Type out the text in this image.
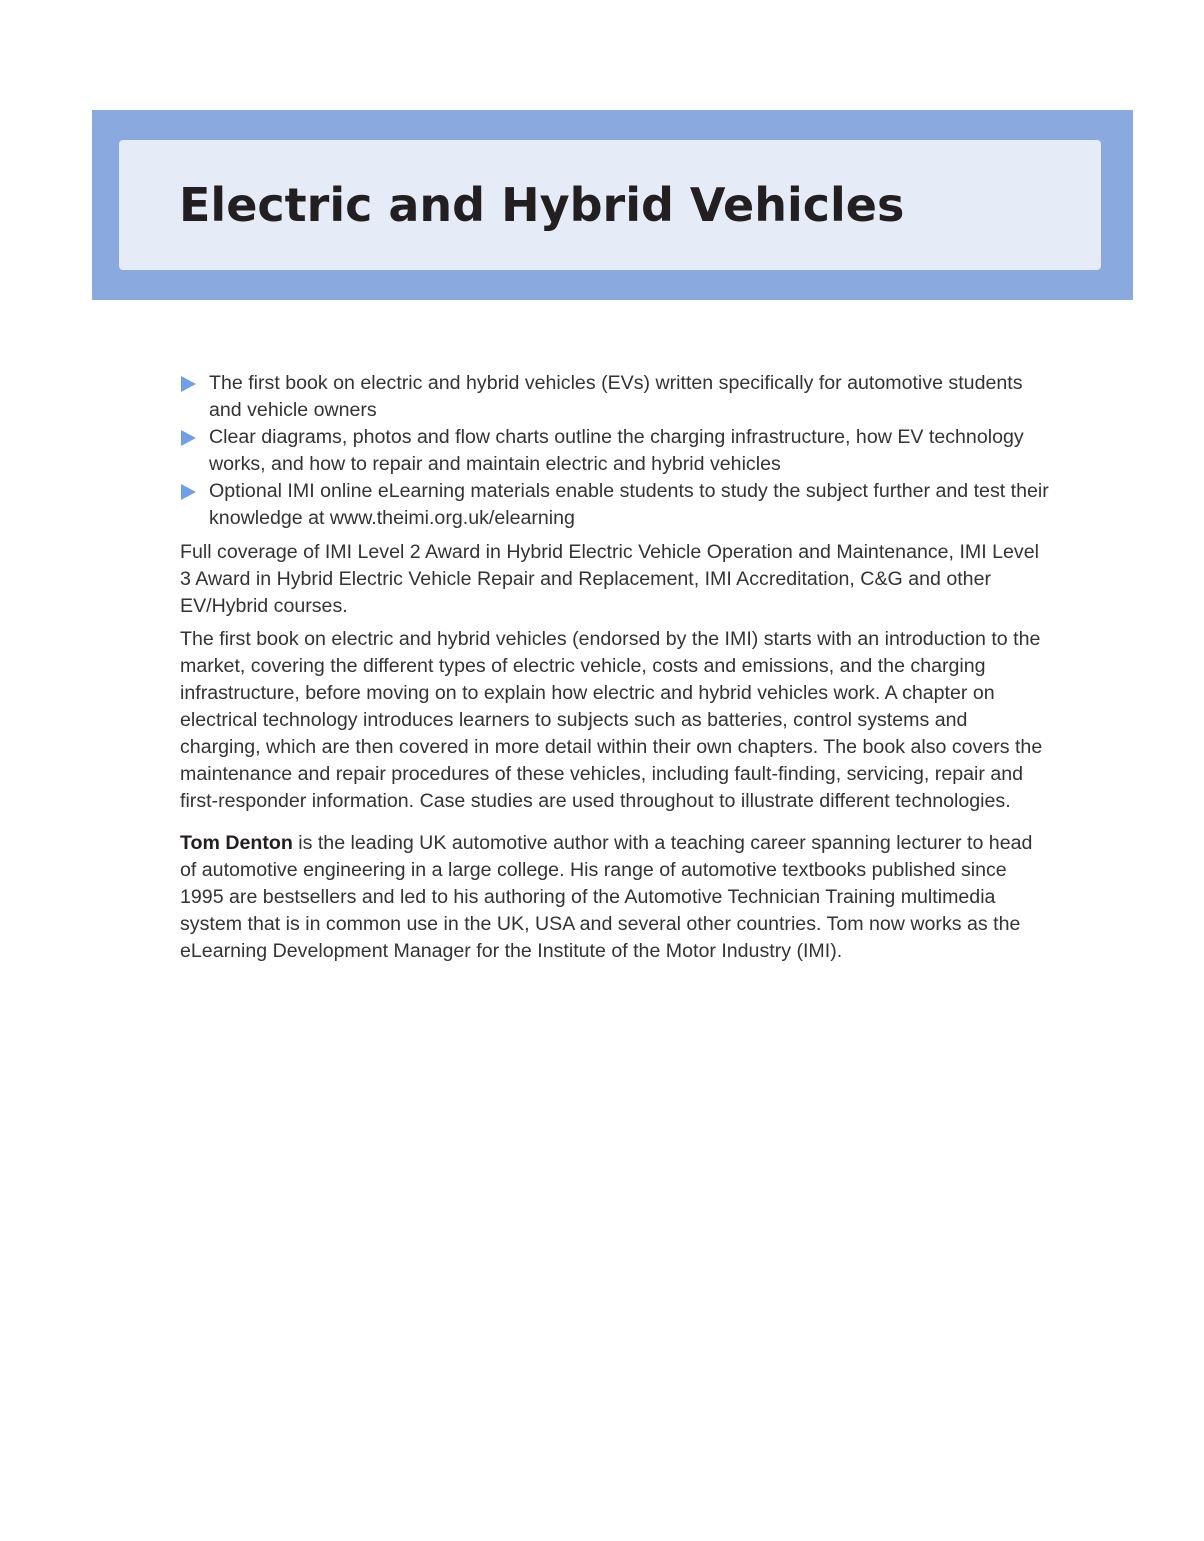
Electric and Hybrid Vehicles
The first book on electric and hybrid vehicles (EVs) written specifically for automotive students and vehicle owners
Clear diagrams, photos and flow charts outline the charging infrastructure, how EV technology works, and how to repair and maintain electric and hybrid vehicles
Optional IMI online eLearning materials enable students to study the subject further and test their knowledge at www.theimi.org.uk/elearning

Full coverage of IMI Level 2 Award in Hybrid Electric Vehicle Operation and Maintenance, IMI Level 3 Award in Hybrid Electric Vehicle Repair and Replacement, IMI Accreditation, C&G and other EV/Hybrid courses.

The first book on electric and hybrid vehicles (endorsed by the IMI) starts with an introduction to the market, covering the different types of electric vehicle, costs and emissions, and the charging infrastructure, before moving on to explain how electric and hybrid vehicles work. A chapter on electrical technology introduces learners to subjects such as batteries, control systems and charging, which are then covered in more detail within their own chapters. The book also covers the maintenance and repair procedures of these vehicles, including fault-finding, servicing, repair and first-responder information. Case studies are used throughout to illustrate different technologies.

Tom Denton is the leading UK automotive author with a teaching career spanning lecturer to head of automotive engineering in a large college. His range of automotive textbooks published since 1995 are bestsellers and led to his authoring of the Automotive Technician Training multimedia system that is in common use in the UK, USA and several other countries. Tom now works as the eLearning Development Manager for the Institute of the Motor Industry (IMI).
